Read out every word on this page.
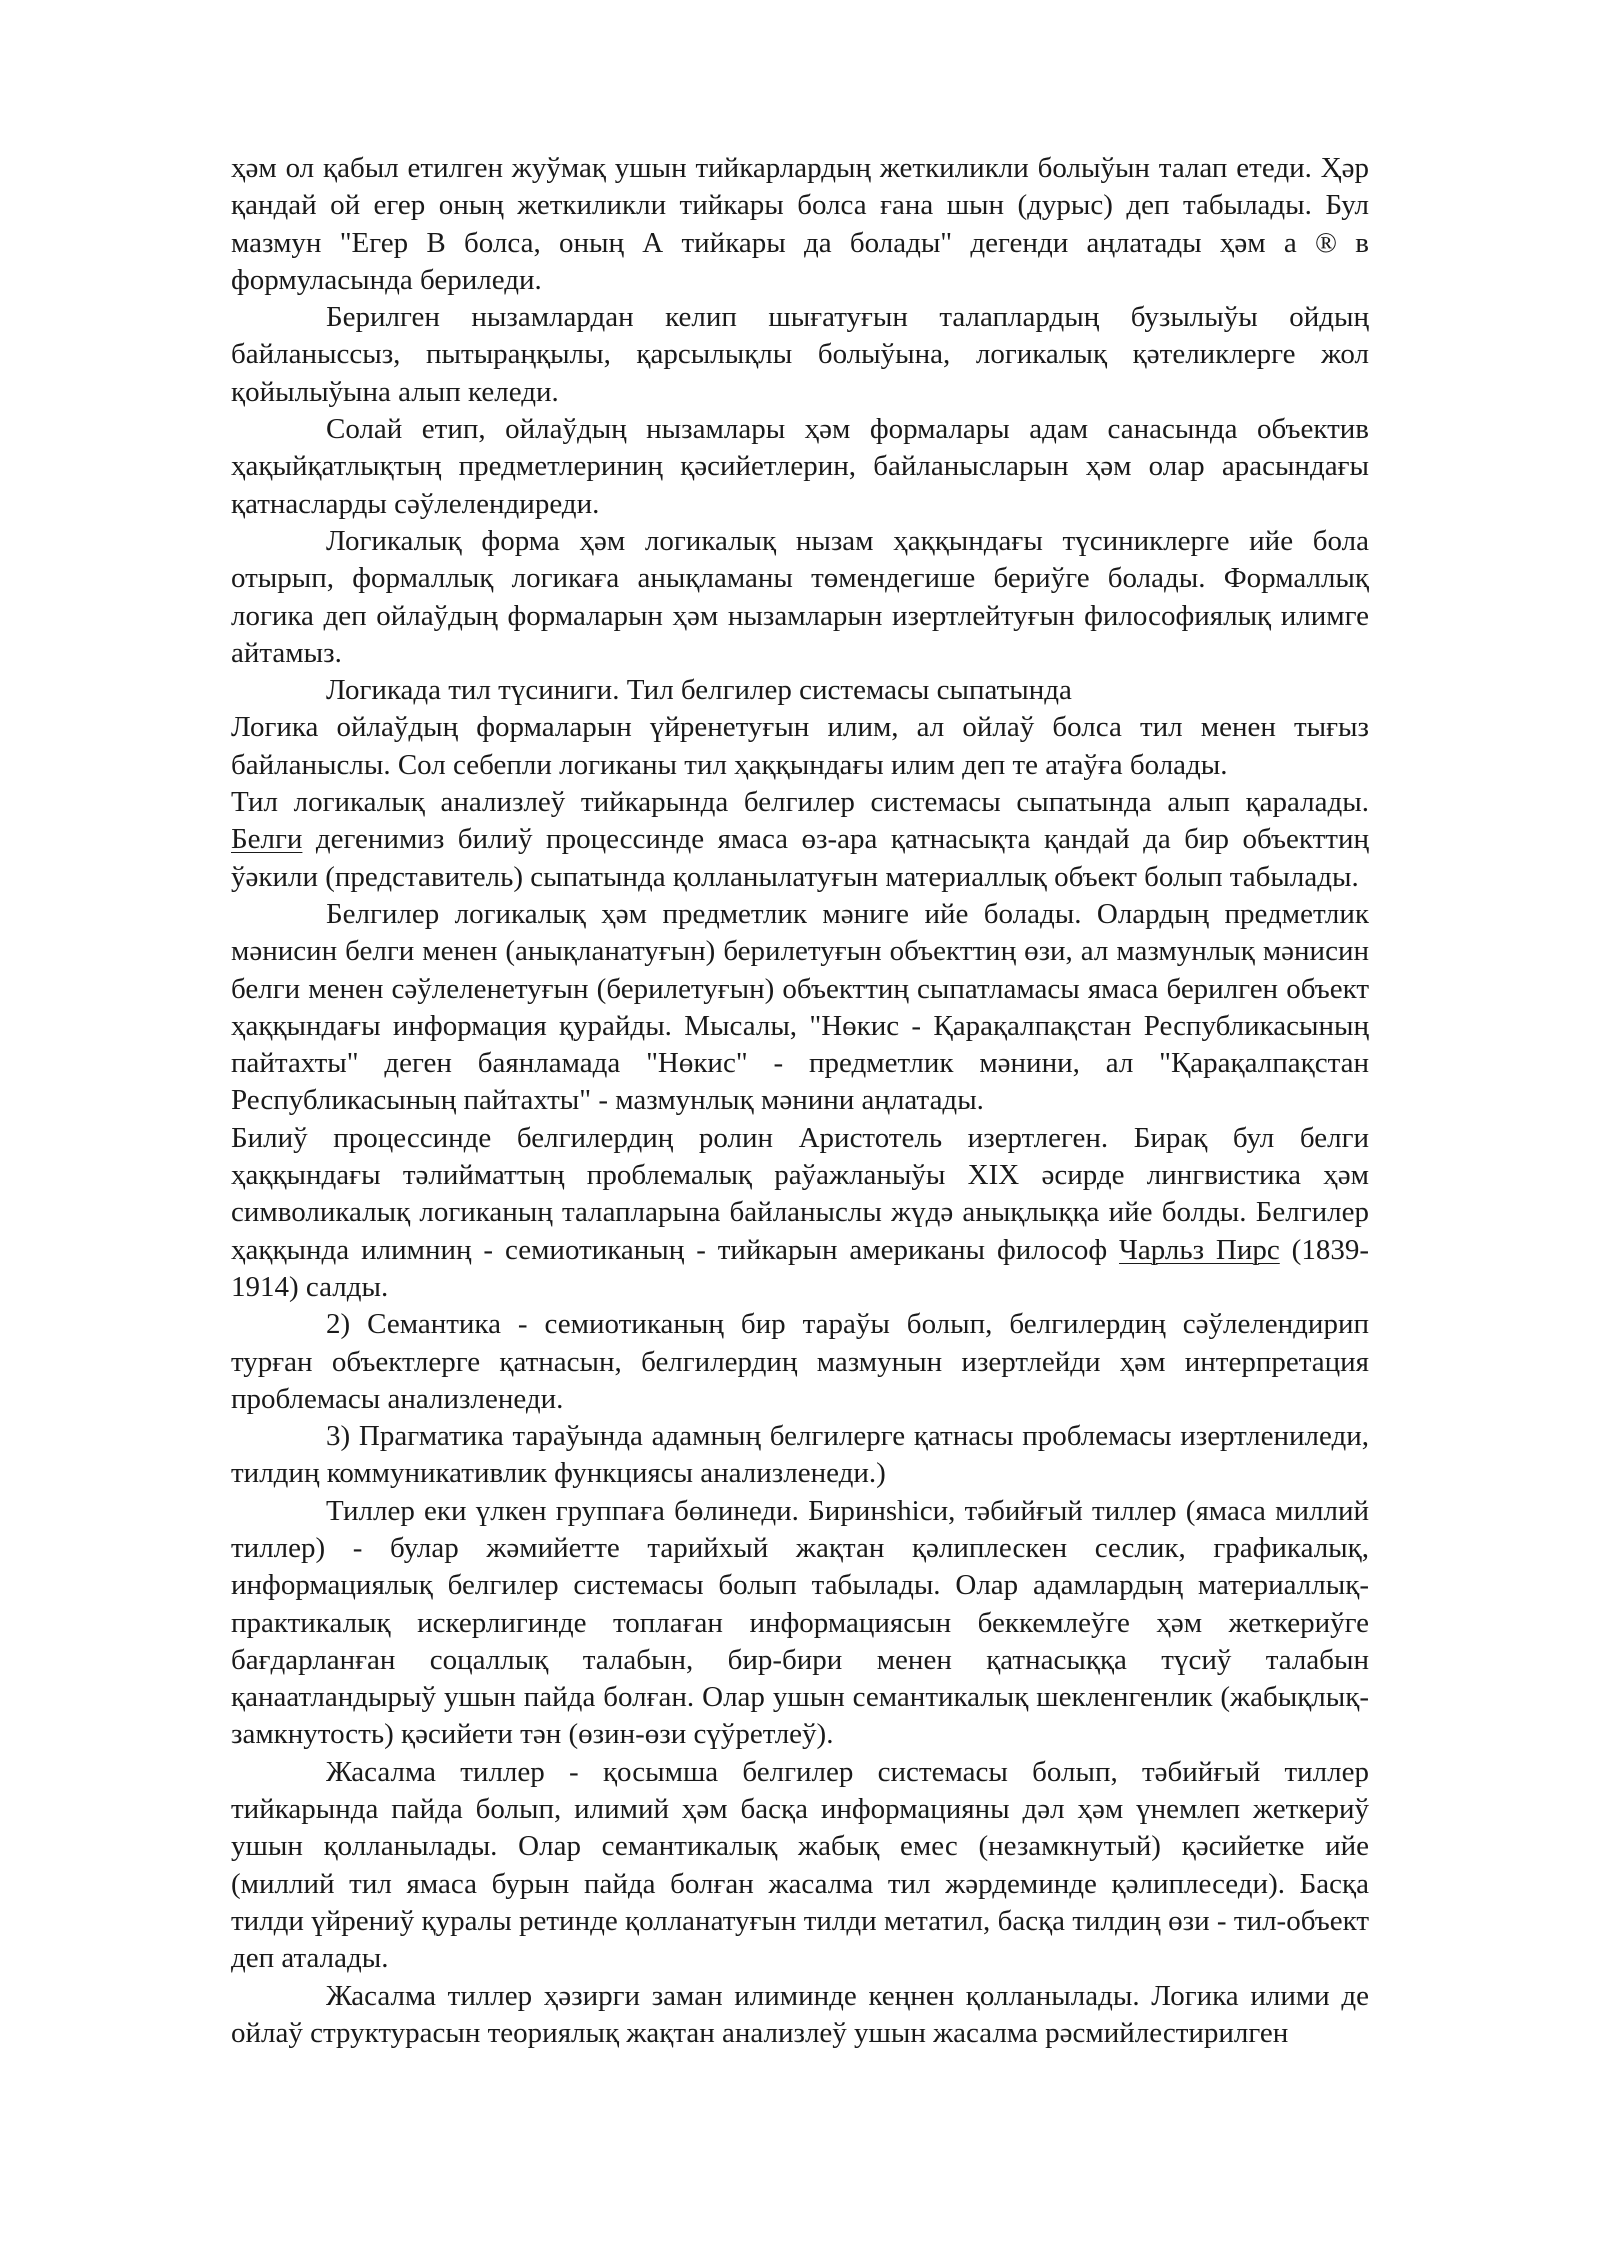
ҳәм ол қабыл етилген жуўмақ ушын тийкарлардың жеткиликли болыўын талап етеди. Ҳәр қандай ой егер оның жеткиликли тийкары болса ғана шын (дурыс) деп табылады. Бул мазмун "Егер В болса, оның А тийкары да болады" дегенди аңлатады ҳәм а ® в формуласында бериледи.

Берилген нызамлардан келип шығатуғын талаплардың бузылыўы ойдың байланыссыз, пытыраңқылы, қарсылықлы болыўына, логикалық қәтеликлерге жол қойылыўына алып келеди.

Солай етип, ойлаўдың нызамлары ҳәм формалары адам санасында объектив ҳақыйқатлықтың предметлериниң қәсийетлерин, байланысларын ҳәм олар арасындағы қатнасларды сәўлелендиреди.

Логикалық форма ҳәм логикалық нызам ҳаққындағы түсиниклерге ийе бола отырып, формаллық логикаға анықламаны төмендегише бериўге болады. Формаллық логика деп ойлаўдың формаларын ҳәм нызамларын изертлейтуғын философиялық илимге айтамыз.

Логикада тил түсиниги. Тил белгилер системасы сыпатында

Логика ойлаўдың формаларын үйренетуғын илим, ал ойлаў болса тил менен тығыз байланыслы. Сол себепли логиканы тил ҳаққындағы илим деп те атаўға болады.

Тил логикалық анализлеў тийкарында белгилер системасы сыпатында алып қаралады. Белги дегенимиз билиў процессинде ямаса өз-ара қатнасықта қандай да бир объекттиң ўәкили (представитель) сыпатында қолланылатуғын материаллық объект болып табылады.

Белгилер логикалық ҳәм предметлик мәниге ийе болады. Олардың предметлик мәнисин белги менен (анықланатуғын) берилетуғын объекттиң өзи, ал мазмунлық мәнисин белги менен сәўлеленетуғын (берилетуғын) объекттиң сыпатламасы ямаса берилген объект ҳаққындағы информация қурайды. Мысалы, "Нөкис - Қарақалпақстан Республикасының пайтахты" деген баянламада "Нөкис" - предметлик мәнини, ал "Қарақалпақстан Республикасының пайтахты" - мазмунлық мәнини аңлатады.

Билиў процессинде белгилердиң ролин Аристотель изертлеген. Бирақ бул белги ҳаққындағы тәлийматтың проблемалық раўажланыўы XIX әсирде лингвистика ҳәм символикалық логиканың талапларына байланыслы жүдә анықлыққа ийе болды. Белгилер ҳаққында илимниң - семиотиканың - тийкарын американы философ Чарльз Пирс (1839-1914) салды.

2) Семантика - семиотиканың бир тараўы болып, белгилердиң сәўлелендирип турған объектлерге қатнасын, белгилердиң мазмунын изертлейди ҳәм интерпретация проблемасы анализленеди.

3) Прагматика тараўында адамның белгилерге қатнасы проблемасы изертлениледи, тилдиң коммуникативлик функциясы анализленеди.)

Тиллер еки үлкен группаға бөлинеди. Биринshiси, тәбийғый тиллер (ямаса миллий тиллер) - булар жәмийетте тарийхый жақтан қәлиплескен сеслик, графикалық, информациялық белгилер системасы болып табылады. Олар адамлардың материаллық-практикалық искерлигинде топлаған информациясын беккемлеўге ҳәм жеткериўге бағдарланған соцаллық талабын, бир-бири менен қатнасыққа түсиў талабын қанаатландырыў ушын пайда болған. Олар ушын семантикалық шекленгенлик (жабықлық-замкнутость) қәсийети тән (өзин-өзи сүўретлеў).

Жасалма тиллер - қосымша белгилер системасы болып, тәбийғый тиллер тийкарында пайда болып, илимий ҳәм басқа информацияны дәл ҳәм үнемлеп жеткериў ушын қолланылады. Олар семантикалық жабық емес (незамкнутый) қәсийетке ийе (миллий тил ямаса бурын пайда болған жасалма тил жәрдеминде қәлиплеседи). Басқа тилди үйрениў қуралы ретинде қолланатуғын тилди метатил, басқа тилдиң өзи - тил-объект деп аталады.

Жасалма тиллер ҳәзирги заман илиминде кеңнен қолланылады. Логика илими де ойлаў структурасын теориялық жақтан анализлеў ушын жасалма рәсмийлестирилген
